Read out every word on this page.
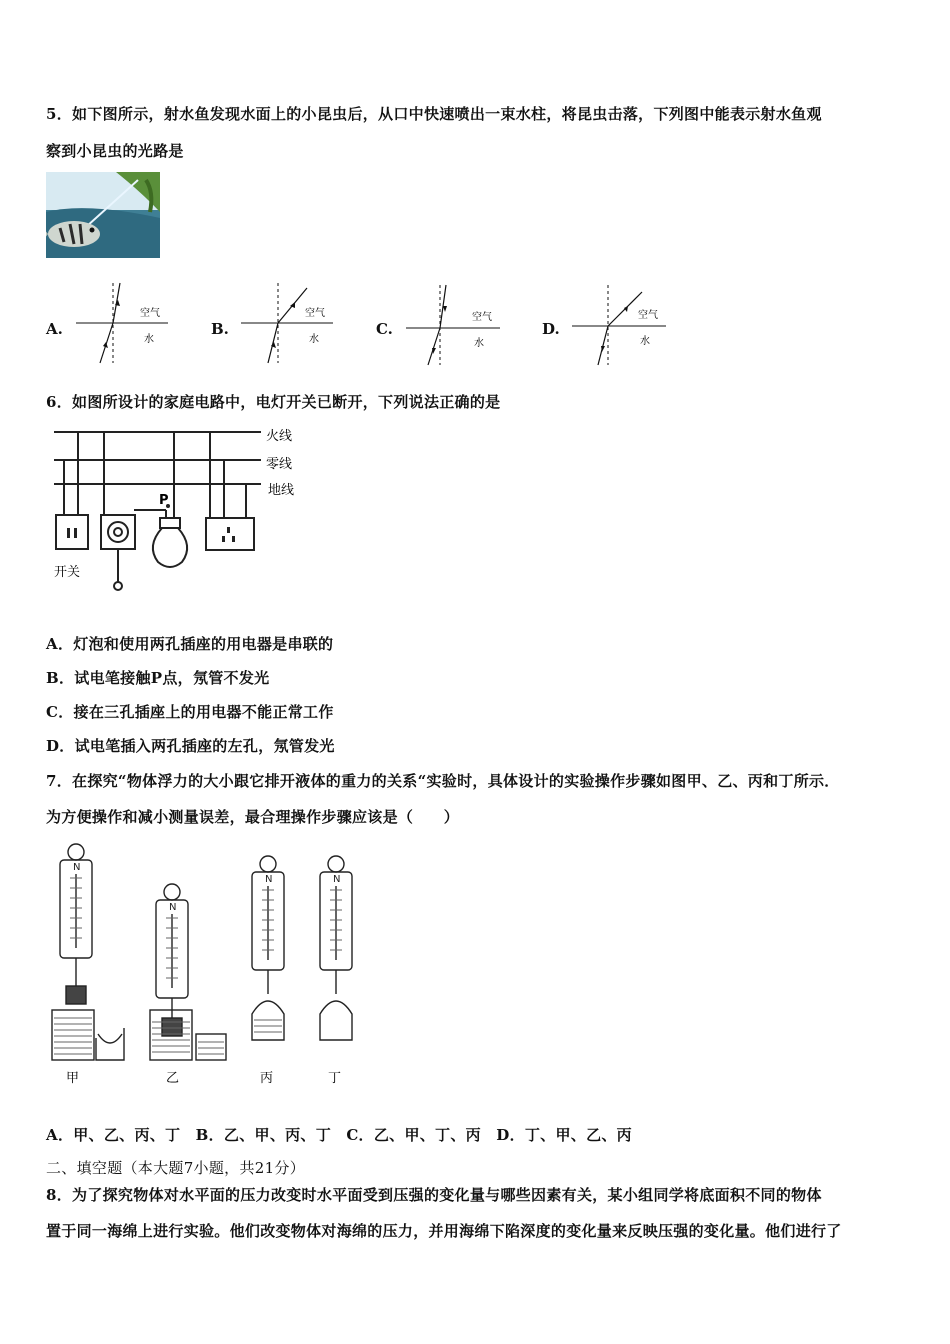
5．如下图所示，射水鱼发现水面上的小昆虫后，从口中快速喷出一束水柱，将昆虫击落，下列图中能表示射水鱼观
察到小昆虫的光路是
A.	B.	C.	D.
空气
水
空气
水
空气
水
空气
水
6．如图所设计的家庭电路中，电灯开关已断开，下列说法正确的是
P
火线
零线
地线
开关
A．灯泡和使用两孔插座的用电器是串联的
B．试电笔接触P点，氖管不发光
C．接在三孔插座上的用电器不能正常工作
D．试电笔插入两孔插座的左孔，氖管发光
7．在探究“物体浮力的大小跟它排开液体的重力的关系“实验时，具体设计的实验操作步骤如图甲、乙、丙和丁所示．
为方便操作和减小测量误差，最合理操作步骤应该是（　　）
N
N
N	N
甲	乙	丙	丁
A．甲、乙、丙、丁　B．乙、甲、丙、丁　C．乙、甲、丁、丙　D．丁、甲、乙、丙
二、填空题（本大题7小题，共21分）
8．为了探究物体对水平面的压力改变时水平面受到压强的变化量与哪些因素有关，某小组同学将底面积不同的物体
置于同一海绵上进行实验。他们改变物体对海绵的压力，并用海绵下陷深度的变化量来反映压强的变化量。他们进行了
